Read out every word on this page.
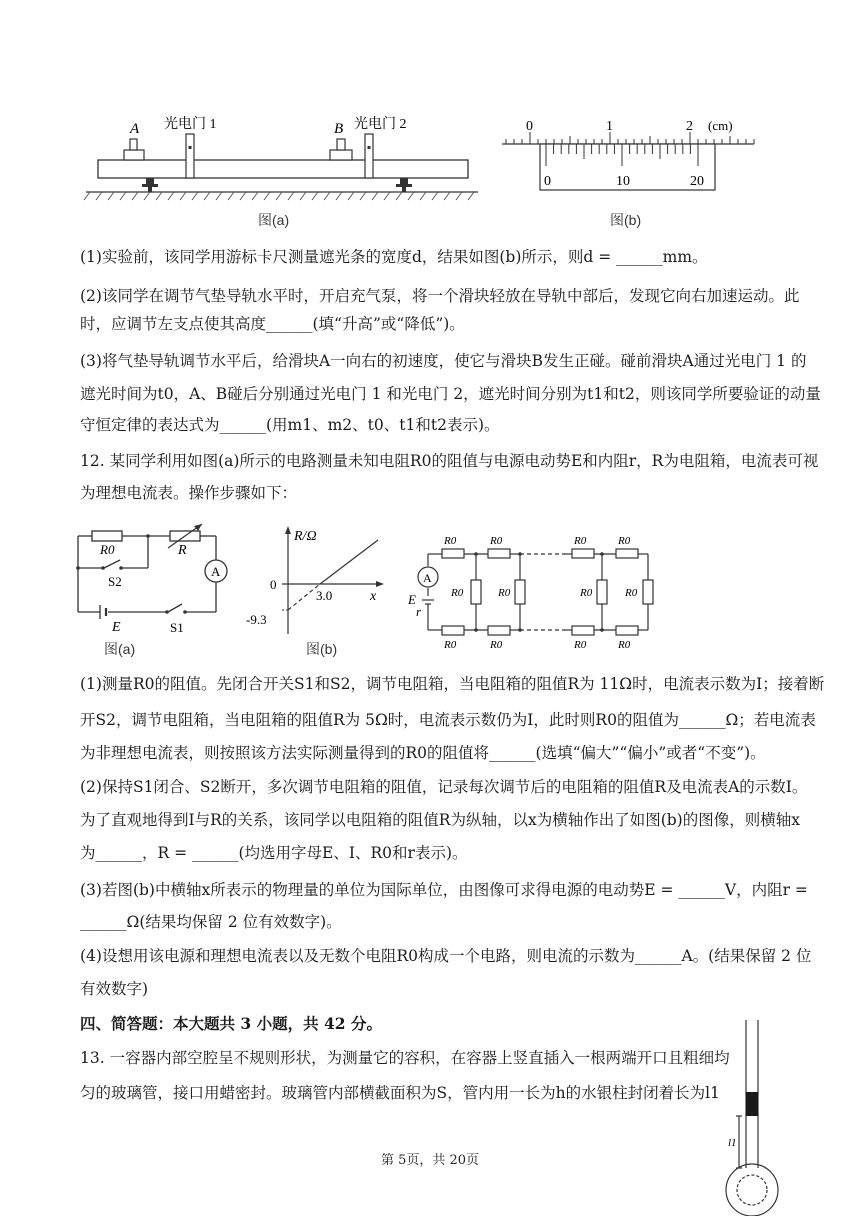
A 光电门 1	B 光电门 2
图(a)
0	1	2 (cm)
0	10	20
图(b)
(1)实验前，该同学用游标卡尺测量遮光条的宽度d，结果如图(b)所示，则d = ______mm。
(2)该同学在调节气垫导轨水平时，开启充气泵，将一个滑块轻放在导轨中部后，发现它向右加速运动。此
时，应调节左支点使其高度______(填“升高”或“降低”)。
(3)将气垫导轨调节水平后，给滑块A一向右的初速度，使它与滑块B发生正碰。碰前滑块A通过光电门 1 的
遮光时间为t0，A、B碰后分别通过光电门 1 和光电门 2，遮光时间分别为t1和t2，则该同学所要验证的动量
守恒定律的表达式为______(用m1、m2、t0、t1和t2表示)。
12. 某同学利用如图(a)所示的电路测量未知电阻R0的阻值与电源电动势E和内阻r，R为电阻箱，电流表可视
为理想电流表。操作步骤如下：
A
R0	R
S2
E	S1
图(a)
R/Ω
x
0
3.0
-9.3
图(b)
A
E
r
R0	R0	R0	R0
R0	R0	R0	R0
R0	R0	R0	R0
(1)测量R0的阻值。先闭合开关S1和S2，调节电阻箱，当电阻箱的阻值R为 11Ω时，电流表示数为I；接着断
开S2，调节电阻箱，当电阻箱的阻值R为 5Ω时，电流表示数仍为I，此时则R0的阻值为______Ω；若电流表
为非理想电流表，则按照该方法实际测量得到的R0的阻值将______(选填“偏大”“偏小”或者“不变”)。
(2)保持S1闭合、S2断开，多次调节电阻箱的阻值，记录每次调节后的电阻箱的阻值R及电流表A的示数I。
为了直观地得到I与R的关系，该同学以电阻箱的阻值R为纵轴，以x为横轴作出了如图(b)的图像，则横轴x
为______，R = ______(均选用字母E、I、R0和r表示)。
(3)若图(b)中横轴x所表示的物理量的单位为国际单位，由图像可求得电源的电动势E = ______V，内阻r =
______Ω(结果均保留 2 位有效数字)。
(4)设想用该电源和理想电流表以及无数个电阻R0构成一个电路，则电流的示数为______A。(结果保留 2 位
有效数字)
四、简答题：本大题共 3 小题，共 42 分。
13. 一容器内部空腔呈不规则形状，为测量它的容积，在容器上竖直插入一根两端开口且粗细均
匀的玻璃管，接口用蜡密封。玻璃管内部横截面积为S，管内用一长为h的水银柱封闭着长为l1
l1
第 5页，共 20页
